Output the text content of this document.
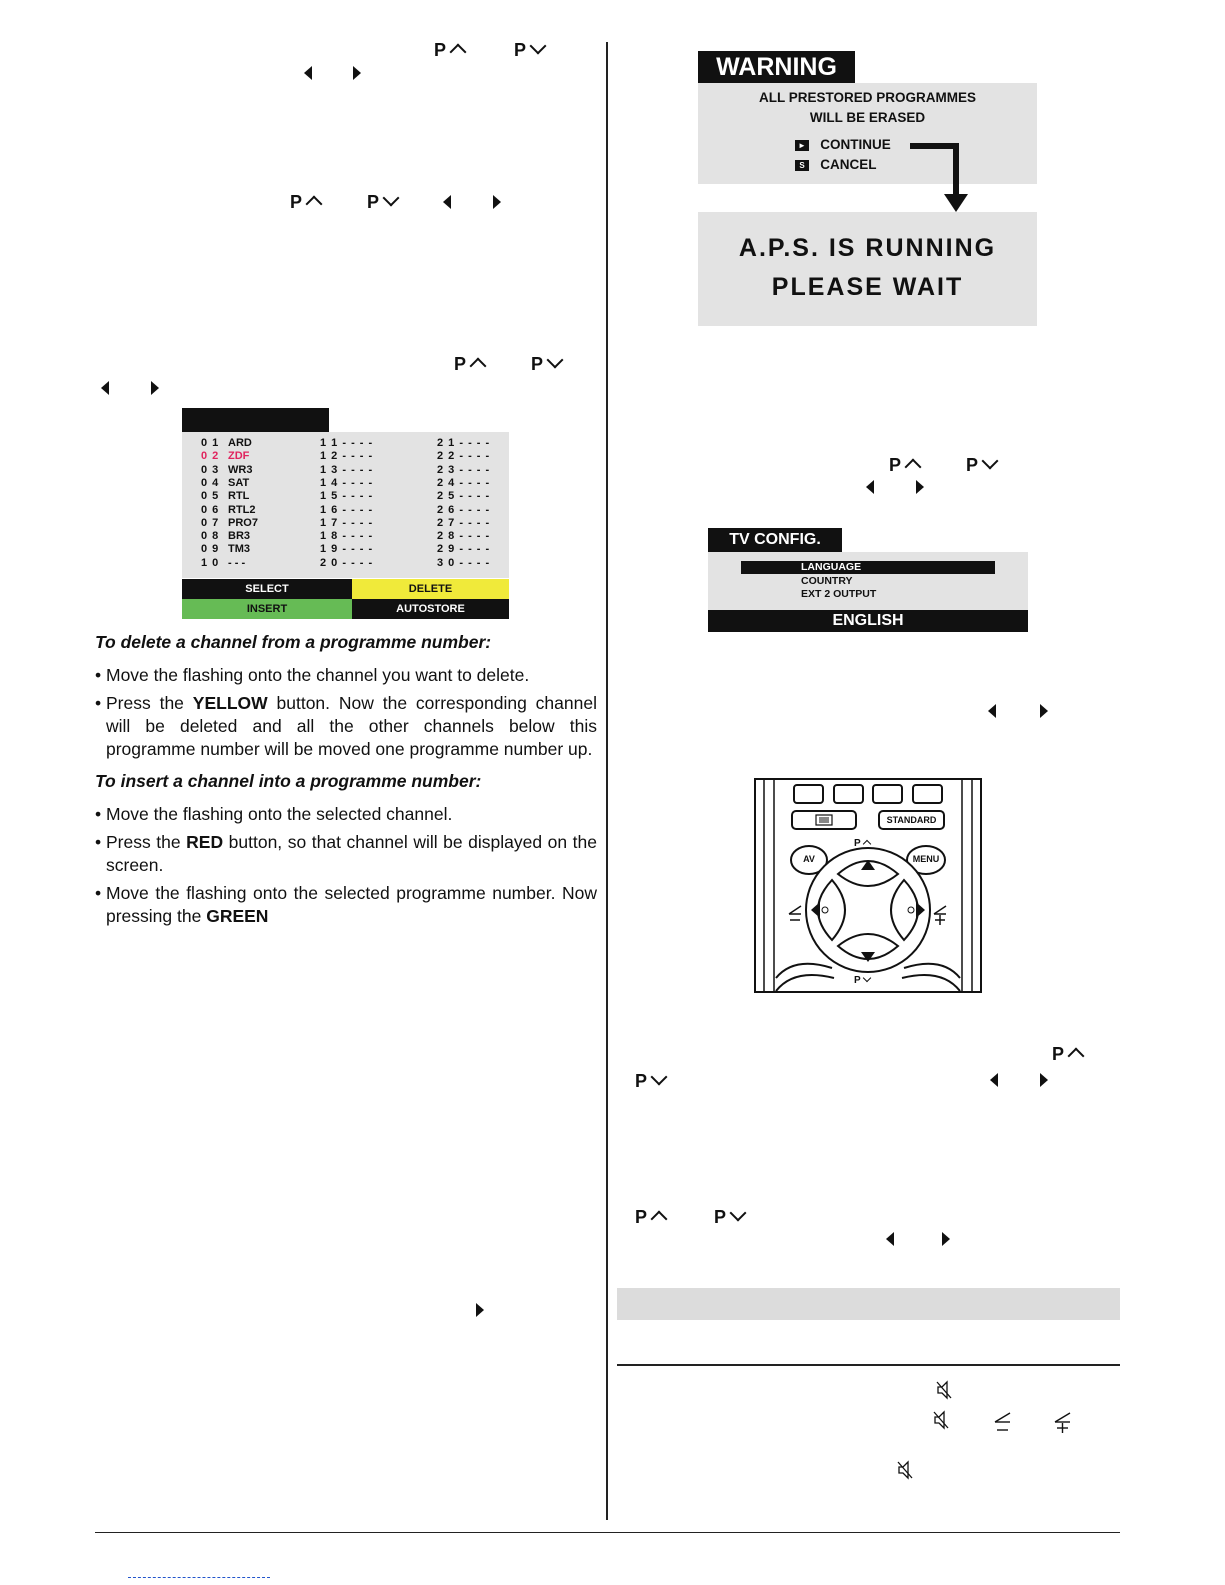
P	P
P	P
P	P
0 1 ARD	1 1 - - - -	2 1 - - - -
0 2 ZDF	1 2 - - - -	2 2 - - - -
0 3 WR3	1 3 - - - -	2 3 - - - -
0 4 SAT	1 4 - - - -	2 4 - - - -
0 5 RTL	1 5 - - - -	2 5 - - - -
0 6 RTL2	1 6 - - - -	2 6 - - - -
0 7 PRO7	1 7 - - - -	2 7 - - - -
0 8 BR3	1 8 - - - -	2 8 - - - -
0 9 TM3	1 9 - - - -	2 9 - - - -
1 0 - - -	2 0 - - - -	3 0 - - - -
SELECT	DELETE
INSERT	AUTOSTORE
To delete a channel from a programme number:
• Move the flashing onto the channel you want to delete.
• Press the YELLOW button. Now the corresponding channel will be deleted and all the other channels below this programme number will be moved one programme number up.
To insert a channel into a programme number:
• Move the flashing onto the selected channel.
• Press the RED button, so that channel will be displayed on the screen.
• Move the flashing onto the selected programme number. Now pressing the GREEN
WARNING
ALL PRESTORED PROGRAMMES
WILL BE ERASED
► CONTINUE
S CANCEL
A.P.S. IS RUNNING
PLEASE WAIT
P	P
TV CONFIG.
LANGUAGE
COUNTRY
EXT 2 OUTPUT
ENGLISH
STANDARD
AV	MENU
P
P
P
P
P	P
